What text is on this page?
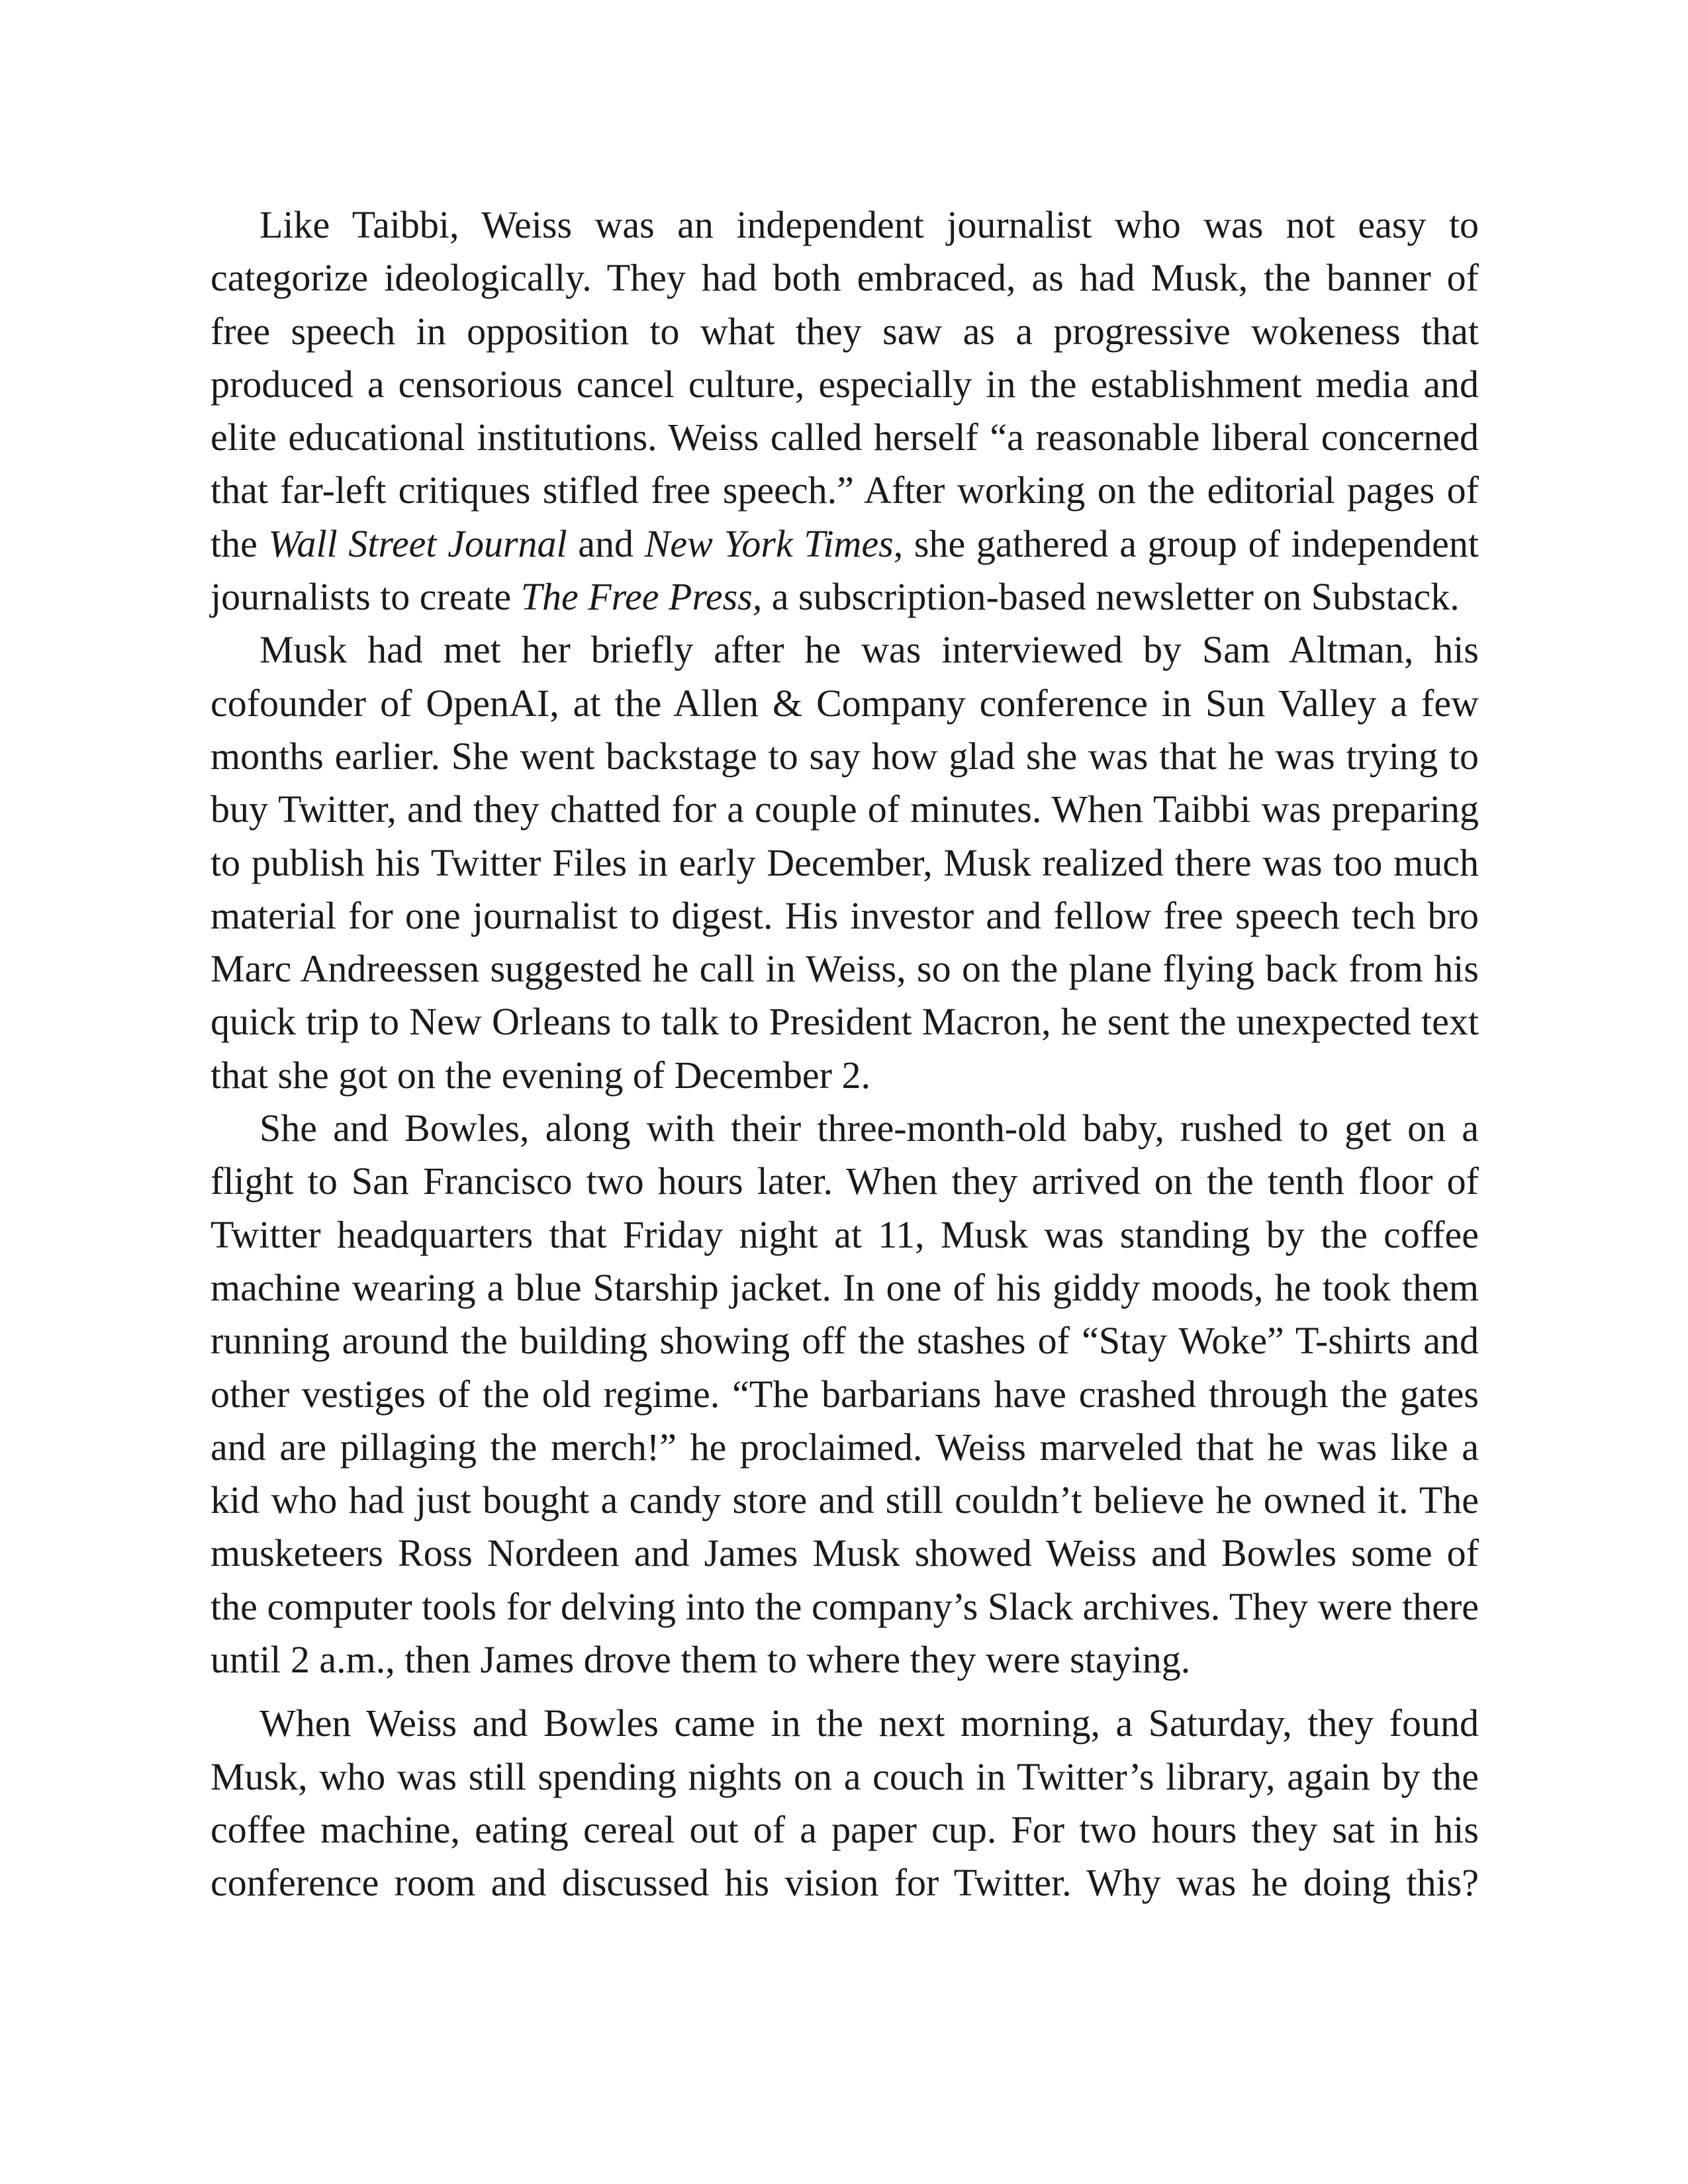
Like Taibbi, Weiss was an independent journalist who was not easy to categorize ideologically. They had both embraced, as had Musk, the banner of free speech in opposition to what they saw as a progressive wokeness that produced a censorious cancel culture, especially in the establishment media and elite educational institutions. Weiss called herself “a reasonable liberal concerned that far-left critiques stifled free speech.” After working on the editorial pages of the Wall Street Journal and New York Times, she gathered a group of independent journalists to create The Free Press, a subscription-based newsletter on Substack.

Musk had met her briefly after he was interviewed by Sam Altman, his cofounder of OpenAI, at the Allen & Company conference in Sun Valley a few months earlier. She went backstage to say how glad she was that he was trying to buy Twitter, and they chatted for a couple of minutes. When Taibbi was preparing to publish his Twitter Files in early December, Musk realized there was too much material for one journalist to digest. His investor and fellow free speech tech bro Marc Andreessen suggested he call in Weiss, so on the plane flying back from his quick trip to New Orleans to talk to President Macron, he sent the unexpected text that she got on the evening of December 2.

She and Bowles, along with their three-month-old baby, rushed to get on a flight to San Francisco two hours later. When they arrived on the tenth floor of Twitter headquarters that Friday night at 11, Musk was standing by the coffee machine wearing a blue Starship jacket. In one of his giddy moods, he took them running around the building showing off the stashes of “Stay Woke” T-shirts and other vestiges of the old regime. “The barbarians have crashed through the gates and are pillaging the merch!” he proclaimed. Weiss marveled that he was like a kid who had just bought a candy store and still couldn’t believe he owned it. The musketeers Ross Nordeen and James Musk showed Weiss and Bowles some of the computer tools for delving into the company’s Slack archives. They were there until 2 a.m., then James drove them to where they were staying.

When Weiss and Bowles came in the next morning, a Saturday, they found Musk, who was still spending nights on a couch in Twitter’s library, again by the coffee machine, eating cereal out of a paper cup. For two hours they sat in his conference room and discussed his vision for Twitter. Why was he doing this?
